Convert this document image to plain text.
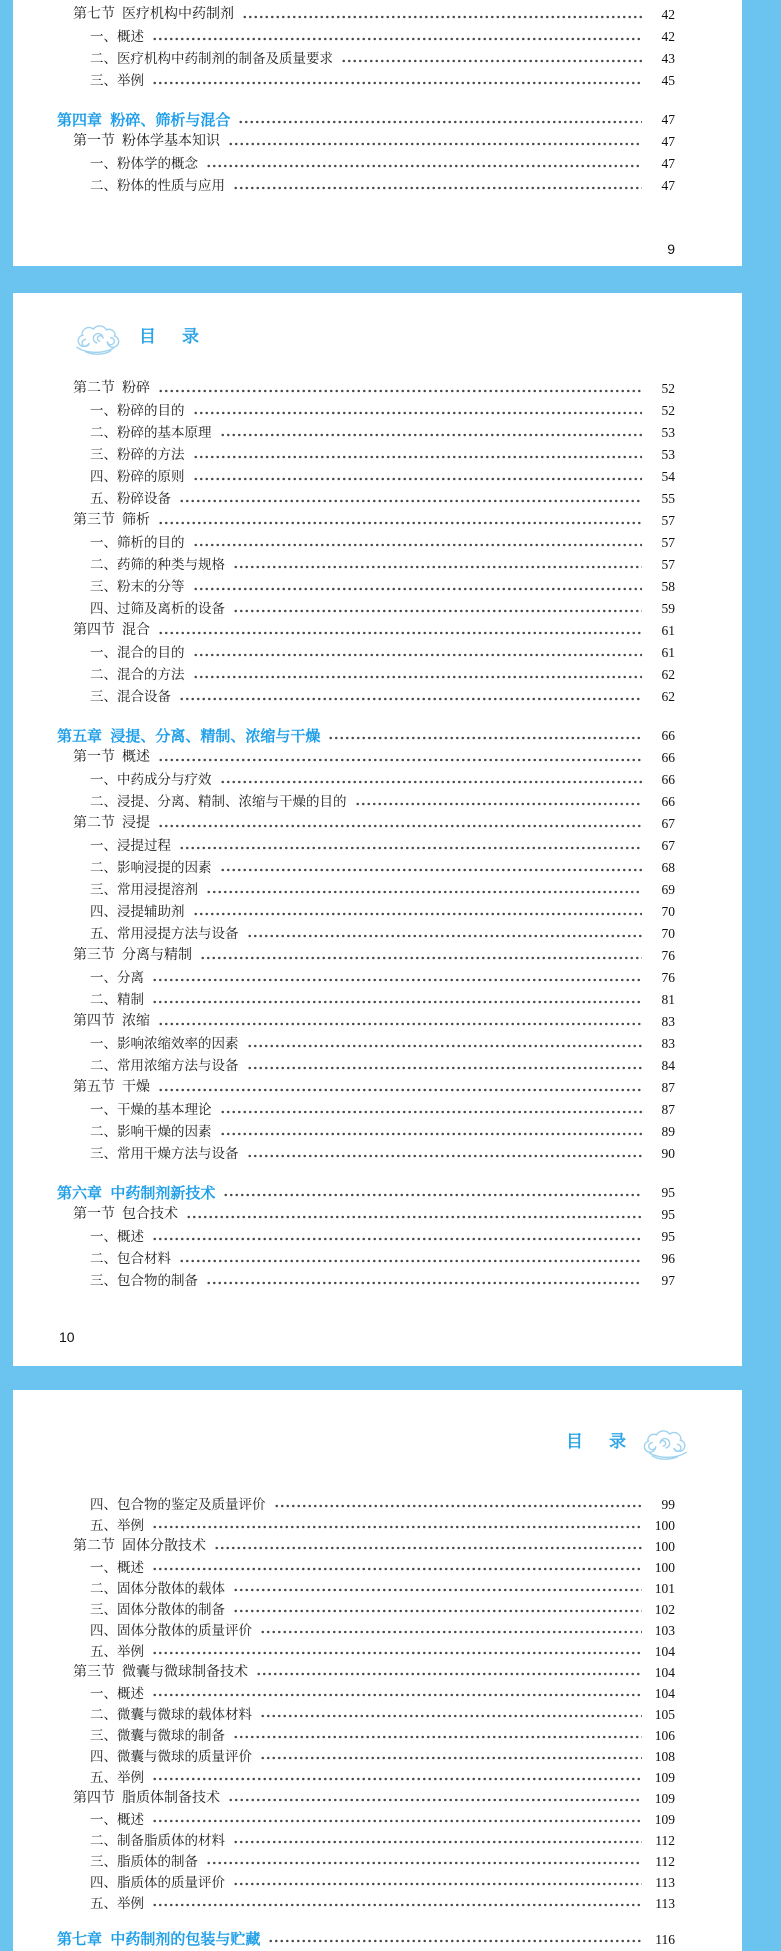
第七节  医疗机构中药制剂	42
一、概述	42
二、医疗机构中药制剂的制备及质量要求	43
三、举例	45
第四章  粉碎、筛析与混合	47
第一节  粉体学基本知识	47
一、粉体学的概念	47
二、粉体的性质与应用	47
9
目 录
第二节  粉碎	52
一、粉碎的目的	52
二、粉碎的基本原理	53
三、粉碎的方法	53
四、粉碎的原则	54
五、粉碎设备	55
第三节  筛析	57
一、筛析的目的	57
二、药筛的种类与规格	57
三、粉末的分等	58
四、过筛及离析的设备	59
第四节  混合	61
一、混合的目的	61
二、混合的方法	62
三、混合设备	62
第五章  浸提、分离、精制、浓缩与干燥	66
第一节  概述	66
一、中药成分与疗效	66
二、浸提、分离、精制、浓缩与干燥的目的	66
第二节  浸提	67
一、浸提过程	67
二、影响浸提的因素	68
三、常用浸提溶剂	69
四、浸提辅助剂	70
五、常用浸提方法与设备	70
第三节  分离与精制	76
一、分离	76
二、精制	81
第四节  浓缩	83
一、影响浓缩效率的因素	83
二、常用浓缩方法与设备	84
第五节  干燥	87
一、干燥的基本理论	87
二、影响干燥的因素	89
三、常用干燥方法与设备	90
第六章  中药制剂新技术	95
第一节  包合技术	95
一、概述	95
二、包合材料	96
三、包合物的制备	97
10
目 录
四、包合物的鉴定及质量评价	99
五、举例	100
第二节  固体分散技术	100
一、概述	100
二、固体分散体的载体	101
三、固体分散体的制备	102
四、固体分散体的质量评价	103
五、举例	104
第三节  微囊与微球制备技术	104
一、概述	104
二、微囊与微球的载体材料	105
三、微囊与微球的制备	106
四、微囊与微球的质量评价	108
五、举例	109
第四节  脂质体制备技术	109
一、概述	109
二、制备脂质体的材料	112
三、脂质体的制备	112
四、脂质体的质量评价	113
五、举例	113
第七章  中药制剂的包装与贮藏	116
